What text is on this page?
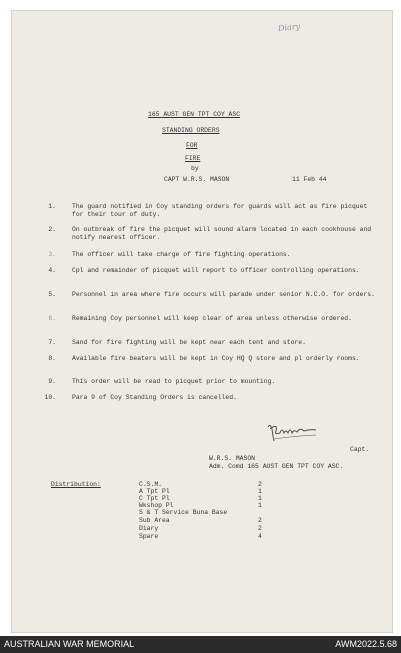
Diary
165 AUST GEN TPT COY ASC
STANDING ORDERS
FOR
FIRE
by
CAPT W.R.S. MASON	11 Feb 44
1.	The guard notified in Coy standing orders for guards will act as fire picquet for their tour of duty.
2.	On outbreak of fire the picquet will sound alarm located in each cookhouse and notify nearest officer.
3.	The officer will take charge of fire fighting operations.
4.	Cpl and remainder of picquet will report to officer controlling operations.
5.	Personnel in area where fire occurs will parade under senior N.C.O. for orders.
6.	Remaining Coy personnel will keep clear of area unless otherwise ordered.
7.	Sand for fire fighting will be kept near each tent and store.
8.	Available fire beaters will be kept in Coy HQ Q store and pl orderly rooms.
9.	This order will be read to picquet prior to mounting.
10.	Para 9 of Coy Standing Orders is cancelled.
Capt.
W.R.S. MASON
Adm. Comd 165 AUST GEN TPT COY ASC.
Distribution:	C.S.M.	2
A Tpt Pl	1
C Tpt Pl	1
Wkshop Pl	1
S & T Service Buna Base
Sub Area	2
Diary	2
Spare	4
AUSTRALIAN WAR MEMORIAL	AWM2022.5.68
